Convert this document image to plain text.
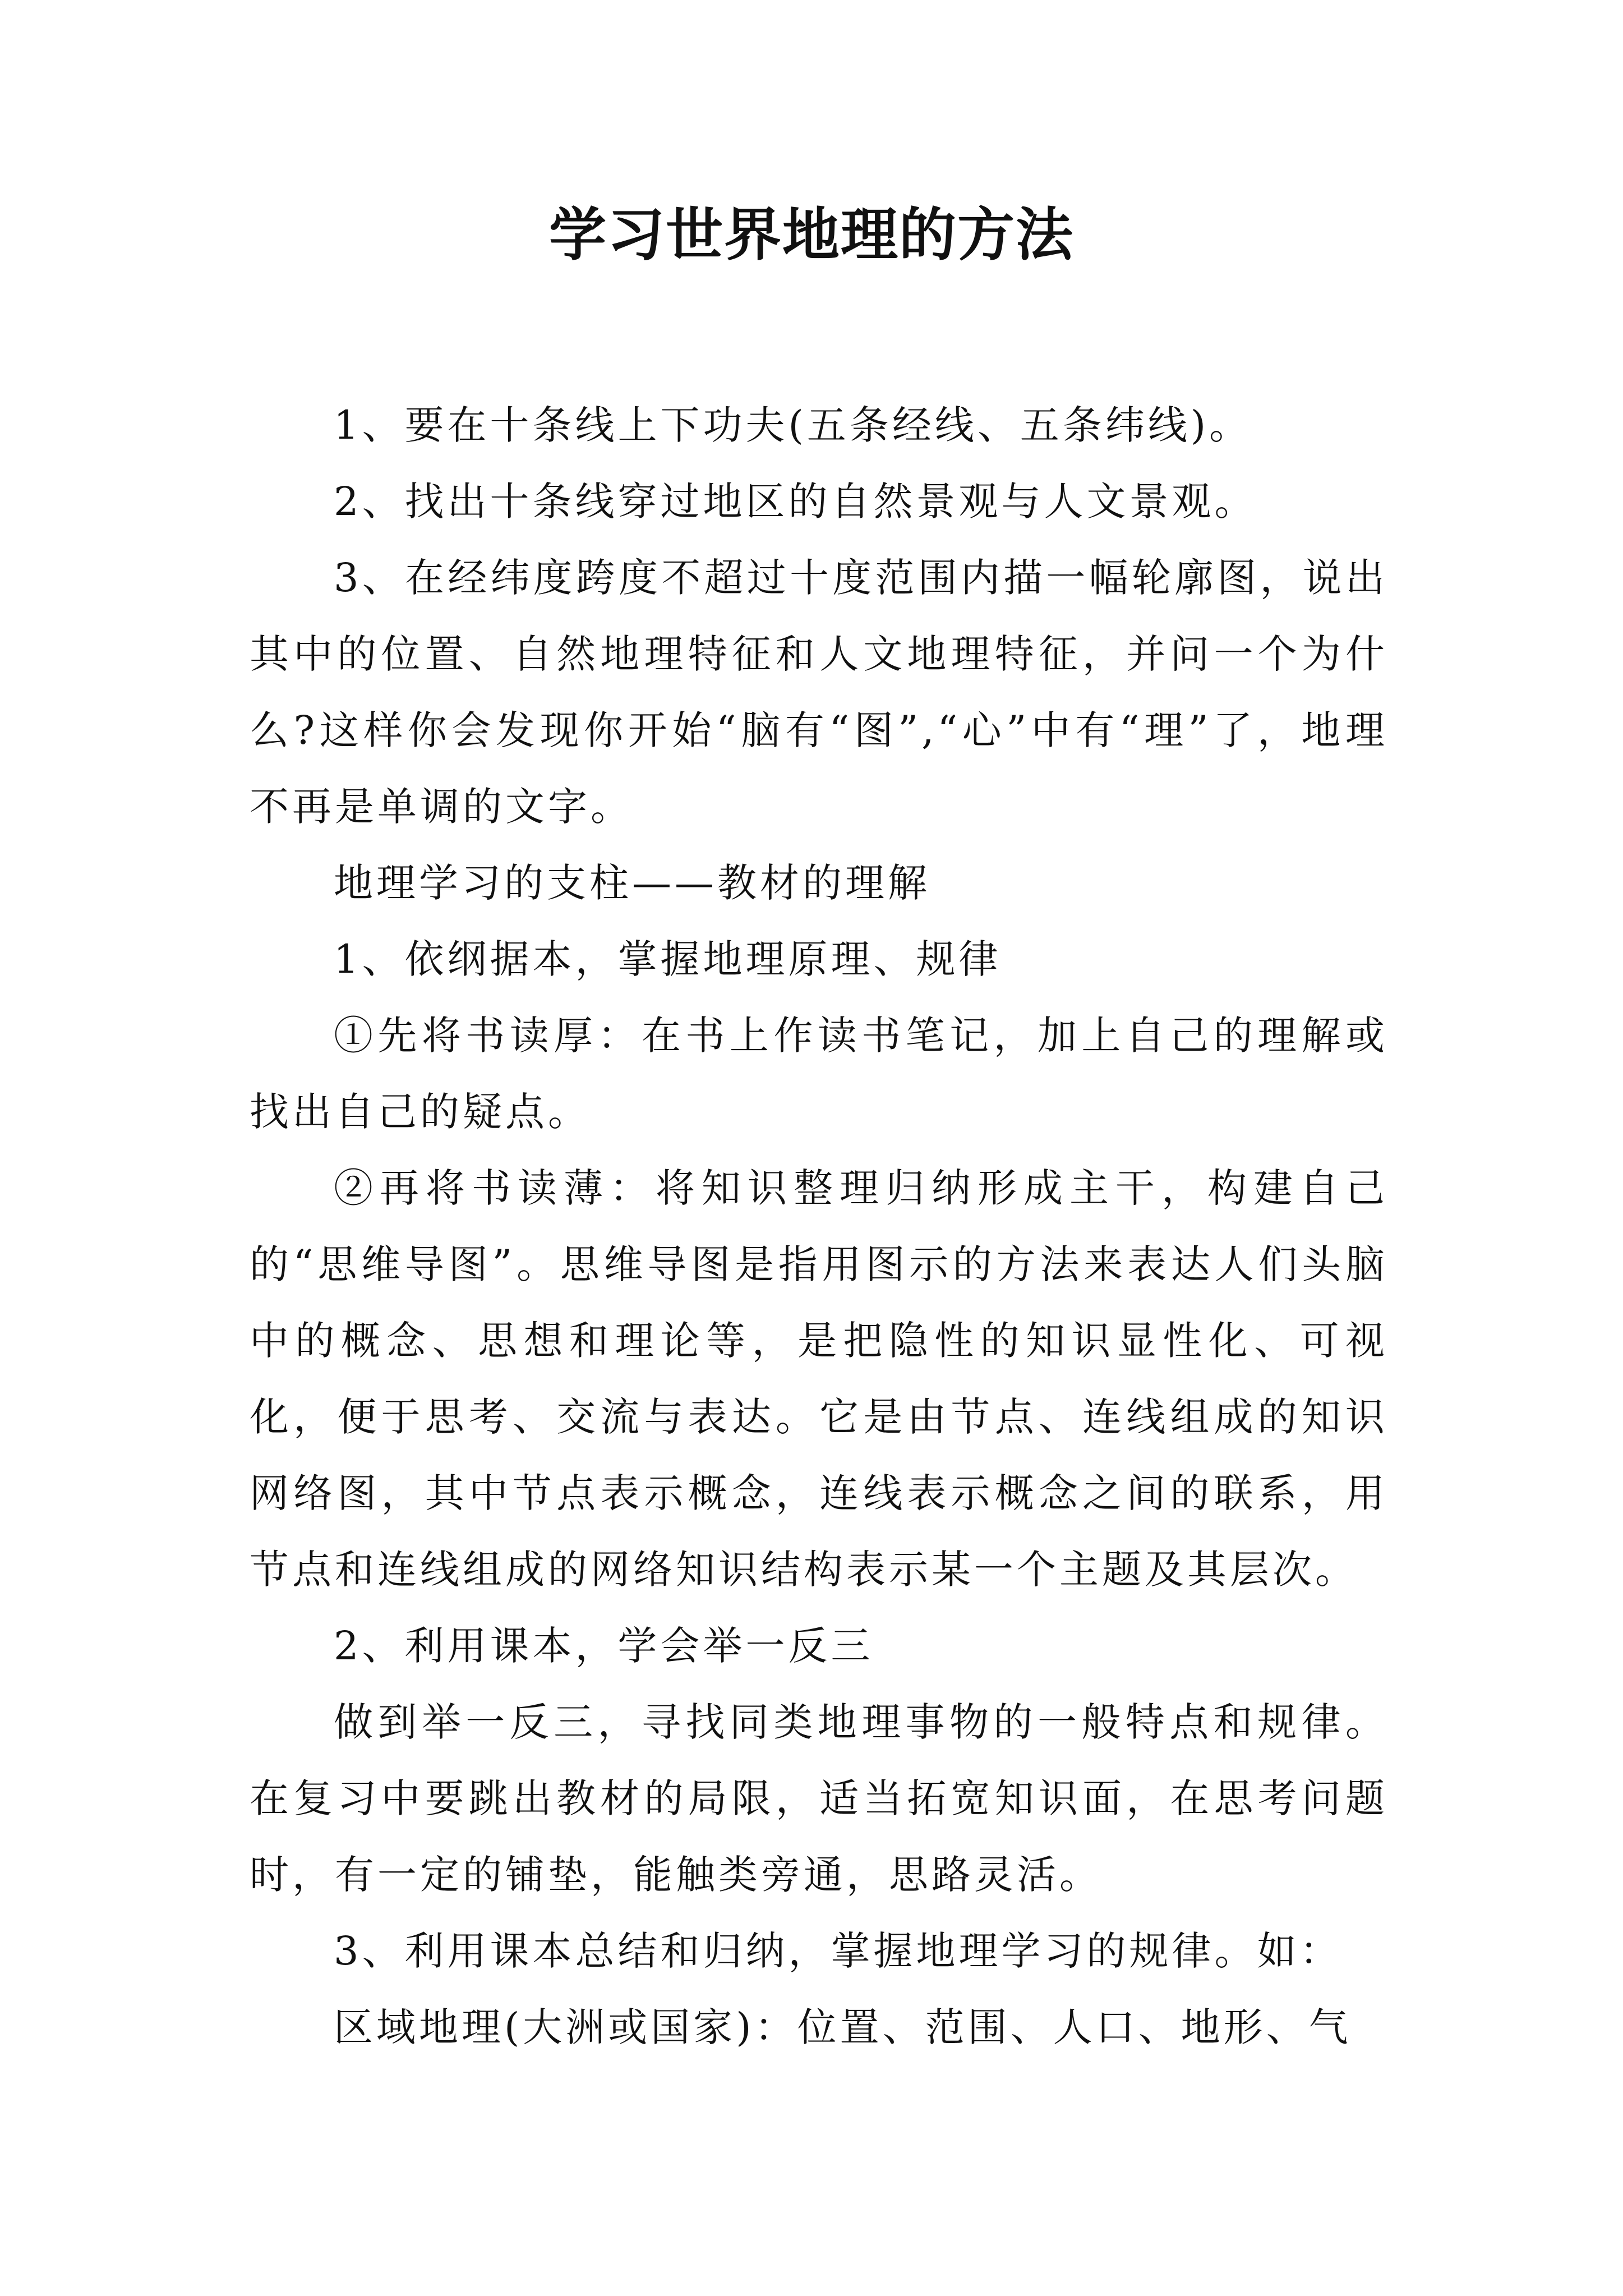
学习世界地理的方法

1、要在十条线上下功夫(五条经线、五条纬线)。

2、找出十条线穿过地区的自然景观与人文景观。

3、在经纬度跨度不超过十度范围内描一幅轮廓图，说出其中的位置、自然地理特征和人文地理特征，并问一个为什么?这样你会发现你开始“脑有“图”,“心”中有“理”了，地理不再是单调的文字。

地理学习的支柱——教材的理解

1、依纲据本，掌握地理原理、规律

①先将书读厚：在书上作读书笔记，加上自己的理解或找出自己的疑点。

②再将书读薄：将知识整理归纳形成主干，构建自己的“思维导图”。思维导图是指用图示的方法来表达人们头脑中的概念、思想和理论等，是把隐性的知识显性化、可视化，便于思考、交流与表达。它是由节点、连线组成的知识网络图，其中节点表示概念，连线表示概念之间的联系，用节点和连线组成的网络知识结构表示某一个主题及其层次。

2、利用课本，学会举一反三

做到举一反三，寻找同类地理事物的一般特点和规律。在复习中要跳出教材的局限，适当拓宽知识面，在思考问题时，有一定的铺垫，能触类旁通，思路灵活。

3、利用课本总结和归纳，掌握地理学习的规律。如：

区域地理(大洲或国家)：位置、范围、人口、地形、气
